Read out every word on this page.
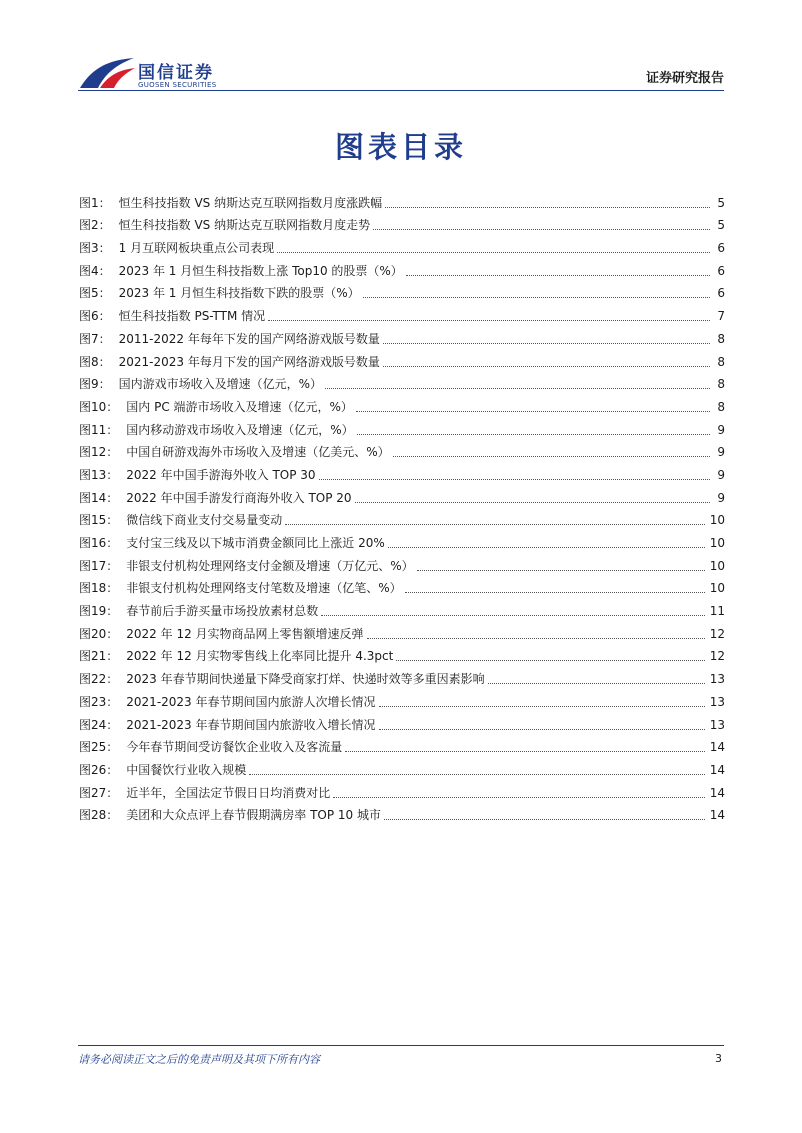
国信证券
GUOSEN SECURITIES	证券研究报告
图表目录
图1： 恒生科技指数 VS 纳斯达克互联网指数月度涨跌幅	5
图2： 恒生科技指数 VS 纳斯达克互联网指数月度走势	5
图3： 1 月互联网板块重点公司表现	6
图4： 2023 年 1 月恒生科技指数上涨 Top10 的股票（%）	6
图5： 2023 年 1 月恒生科技指数下跌的股票（%）	6
图6： 恒生科技指数 PS-TTM 情况	7
图7： 2011-2022 年每年下发的国产网络游戏版号数量	8
图8： 2021-2023 年每月下发的国产网络游戏版号数量	8
图9： 国内游戏市场收入及增速（亿元，%）	8
图10： 国内 PC 端游市场收入及增速（亿元，%）	8
图11： 国内移动游戏市场收入及增速（亿元，%）	9
图12： 中国自研游戏海外市场收入及增速（亿美元、%）	9
图13： 2022 年中国手游海外收入 TOP 30	9
图14： 2022 年中国手游发行商海外收入 TOP 20	9
图15： 微信线下商业支付交易量变动	10
图16： 支付宝三线及以下城市消费金额同比上涨近 20%	10
图17： 非银支付机构处理网络支付金额及增速（万亿元、%）	10
图18： 非银支付机构处理网络支付笔数及增速（亿笔、%）	10
图19： 春节前后手游买量市场投放素材总数	11
图20： 2022 年 12 月实物商品网上零售额增速反弹	12
图21： 2022 年 12 月实物零售线上化率同比提升 4.3pct	12
图22： 2023 年春节期间快递量下降受商家打烊、快递时效等多重因素影响	13
图23： 2021-2023 年春节期间国内旅游人次增长情况	13
图24： 2021-2023 年春节期间国内旅游收入增长情况	13
图25： 今年春节期间受访餐饮企业收入及客流量	14
图26： 中国餐饮行业收入规模	14
图27： 近半年，全国法定节假日日均消费对比	14
图28： 美团和大众点评上春节假期满房率 TOP 10 城市	14
请务必阅读正文之后的免责声明及其项下所有内容	3
